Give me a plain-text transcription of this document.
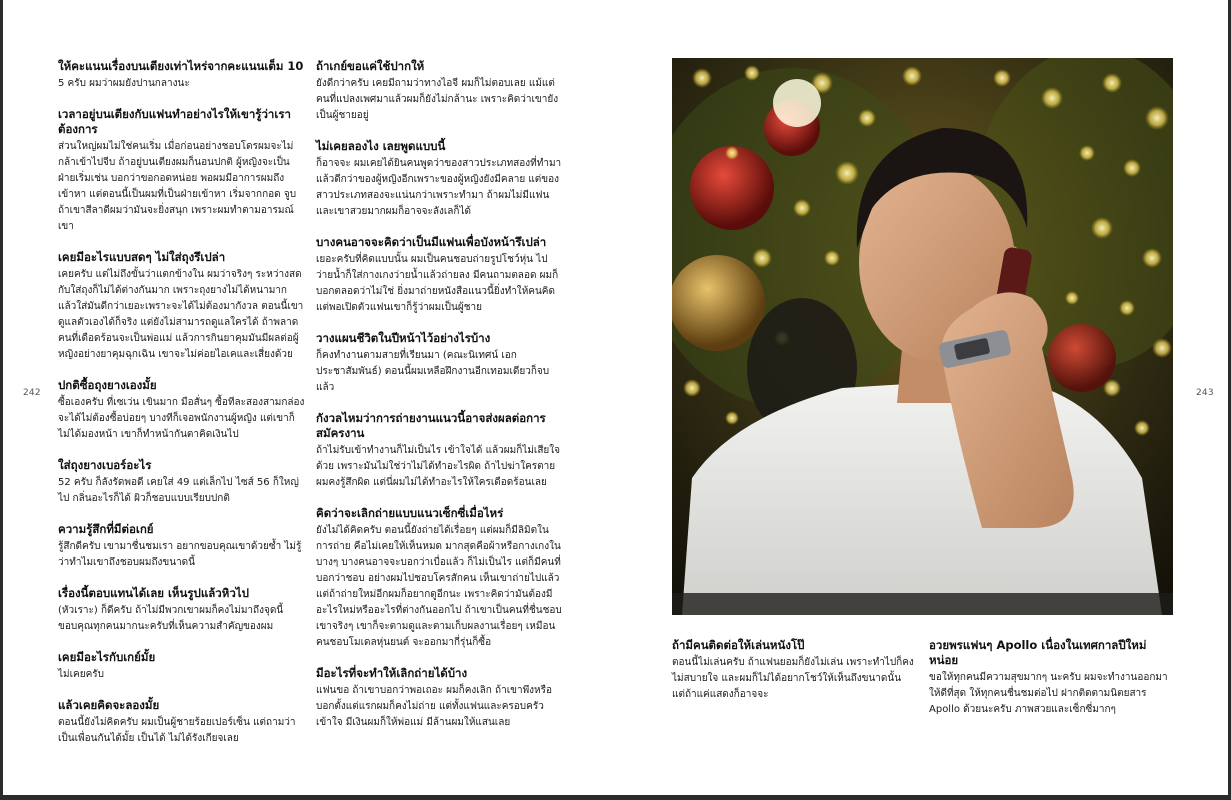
242	243
ให้คะแนนเรื่องบนเตียงเท่าไหร่จากคะแนนเต็ม 10
5 ครับ ผมว่าผมยังปานกลางนะ
เวลาอยู่บนเตียงกับแฟนทำอย่างไรให้เขารู้ว่าเราต้องการ
ส่วนใหญ่ผมไม่ใช่คนเริ่ม เมื่อก่อนอย่างชอบโดรผมจะไม่กล้าเข้าไปจีบ ถ้าอยู่บนเตียงผมก็นอนปกติ ผู้หญิงจะเป็นฝ่ายเริ่มเช่น บอกว่าขอกอดหน่อย พอผมมีอาการผมถึงเข้าหา แต่ตอนนี้เป็นผมที่เป็นฝ่ายเข้าหา เริ่มจากกอด จูบ ถ้าเขาสีลาดีผมว่ามันจะยิ่งสนุก เพราะผมทำตามอารมณ์เขา
เคยมีอะไรแบบสดๆ ไม่ใส่ถุงรึเปล่า
เคยครับ แต่ไม่ถึงขั้นว่าแตกข้างใน ผมว่าจริงๆ ระหว่างสดกับใส่ถุงก็ไม่ได้ต่างกันมาก เพราะถุงยางไม่ได้หนามาก แล้วใส่มันดีกว่าเยอะเพราะจะได้ไม่ต้องมากังวล ตอนนี้เขาดูแลตัวเองได้ก็จริง แต่ยังไม่สามารถดูแลใครได้ ถ้าพลาด คนที่เดือดร้อนจะเป็นพ่อแม่ แล้วการกินยาคุมมันมีผลต่อผู้หญิงอย่างยาคุมฉุกเฉิน เขาจะไม่ค่อยไอเคและเสี่ยงด้วย
ปกติซื้อถุงยางเองมั้ย
ซื้อเองครับ ที่เซเว่น เขินมาก มือสั่นๆ ซื้อทีละสองสามกล่อง จะได้ไม่ต้องซื้อบ่อยๆ บางทีก็เจอพนักงานผู้หญิง แต่เขาก็ไม่ได้มองหน้า เขาก็ทำหน้ากันตาคิดเงินไป
ใส่ถุงยางเบอร์อะไร
52 ครับ ก็ลังรัดพอดี เคยใส่ 49 แต่เล็กไป ไซส์ 56 ก็ใหญ่ไป กลิ่นอะไรก็ได้ ผิวก็ชอบแบบเรียบปกติ
ความรู้สึกที่มีต่อเกย์
รู้สึกดีครับ เขามาชื่นชมเรา อยากขอบคุณเขาด้วยซ้ำ ไม่รู้ว่าทำไมเขาถึงชอบผมถึงขนาดนี้
เรื่องนี้ตอบแทนได้เลย เห็นรูปแล้วหิวไป
(หัวเราะ) ก็ดีครับ ถ้าไม่มีพวกเขาผมก็คงไม่มาถึงจุดนี้ ขอบคุณทุกคนมากนะครับที่เห็นความสำคัญของผม
เคยมีอะไรกับเกย์มั้ย
ไม่เคยครับ
แล้วเคยคิดจะลองมั้ย
ตอนนี้ยังไม่คิดครับ ผมเป็นผู้ชายร้อยเปอร์เซ็น แต่ถามว่าเป็นเพื่อนกันได้มั้ย เป็นได้ ไม่ได้รังเกียจเลย
ถ้าเกย์ขอแค่ใช้ปากให้
ยังดีกว่าครับ เคยมีถามว่าทางไอจี ผมก็ไม่ตอบเลย แม้แต่คนที่แปลงเพศมาแล้วผมก็ยังไม่กล้านะ เพราะคิดว่าเขายังเป็นผู้ชายอยู่
ไม่เคยลองไง เลยพูดแบบนี้
ก็อาจจะ ผมเคยได้ยินคนพูดว่าของสาวประเภทสองที่ทำมาแล้วดีกว่าของผู้หญิงอีกเพราะของผู้หญิงยังมีคลาย แต่ของสาวประเภทสองจะแน่นกว่าเพราะทำมา ถ้าผมไม่มีแฟนและเขาสวยมากผมก็อาจจะลังเลก็ได้
บางคนอาจจะคิดว่าเป็นมีแฟนเพื่อบังหน้ารึเปล่า
เยอะครับที่คิดแบบนั้น ผมเป็นคนชอบถ่ายรูปโชว์หุ่น ไปว่ายน้ำก็ใส่กางเกงว่ายน้ำแล้วถ่ายลง มีคนถามตลอด ผมก็บอกตลอดว่าไม่ใช่ ยิ่งมาถ่ายหนังสือแนวนี้ยิ่งทำให้คนคิด แต่พอเปิดตัวแฟนเขาก็รู้ว่าผมเป็นผู้ชาย
วางแผนชีวิตในปีหน้าไว้อย่างไรบ้าง
ก็คงทำงานตามสายที่เรียนมา (คณะนิเทศน์ เอกประชาสัมพันธ์) ตอนนี้ผมเหลือฝึกงานอีกเทอมเดียวก็จบแล้ว
กังวลไหมว่าการถ่ายงานแนวนี้อาจส่งผลต่อการสมัครงาน
ถ้าไม่รับเข้าทำงานก็ไม่เป็นไร เข้าใจได้ แล้วผมก็ไม่เสียใจด้วย เพราะมันไม่ใช่ว่าไม่ได้ทำอะไรผิด ถ้าไปฆ่าใครตาย ผมคงรู้สึกผิด แต่นี่ผมไม่ได้ทำอะไรให้ใครเดือดร้อนเลย
คิดว่าจะเลิกถ่ายแบบแนวเซ็กซี่เมื่อไหร่
ยังไม่ได้คิดครับ ตอนนี้ยังถ่ายได้เรื่อยๆ แต่ผมก็มีลิมิตในการถ่าย คือไม่เคยให้เห็นหมด มากสุดคือผ้าหรือกางเกงในบางๆ บางคนอาจจะบอกว่าเบื่อแล้ว ก็ไม่เป็นไร แต่ก็มีคนที่บอกว่าชอบ อย่างผมไปชอบโครสักคน เห็นเขาถ่ายไปแล้ว แต่ถ้าถ่ายใหม่อีกผมก็อยากดูอีกนะ เพราะคิดว่ามันต้องมีอะไรใหม่หรืออะไรที่ต่างกันออกไป ถ้าเขาเป็นคนที่ชื่นชอบเขาจริงๆ เขาก็จะตามดูและตามเก็บผลงานเรื่อยๆ เหมือนคนชอบโมเดลหุ่นยนต์ จะออกมากี่รุ่นก็ซื้อ
มีอะไรที่จะทำให้เลิกถ่ายได้บ้าง
แฟนขอ ถ้าเขาบอกว่าพอเถอะ ผมก็คงเลิก ถ้าเขาพึงหรือบอกตั้งแต่แรกผมก็คงไม่ถ่าย แต่ทั้งแฟนและครอบครัวเข้าใจ มีเงินผมก็ให้พ่อแม่ มีล้านผมให้แสนเลย
ถ้ามีคนติดต่อให้เล่นหนังโป๊
ตอนนี้ไม่เล่นครับ ถ้าแฟนยอมก็ยังไม่เล่น เพราะทำไปก็คงไม่สบายใจ และผมก็ไม่ได้อยากโชว์ให้เห็นถึงขนาดนั้น แต่ถ้าแค่แสดงก็อาจจะ
อวยพรแฟนๆ Apollo เนื่องในเทศกาลปีใหม่หน่อย
ขอให้ทุกคนมีความสุขมากๆ นะครับ ผมจะทำงานออกมาให้ดีที่สุด ให้ทุกคนชื่นชมต่อไป ฝากติดตามนิตยสาร Apollo ด้วยนะครับ ภาพสวยและเซ็กซี่มากๆ
